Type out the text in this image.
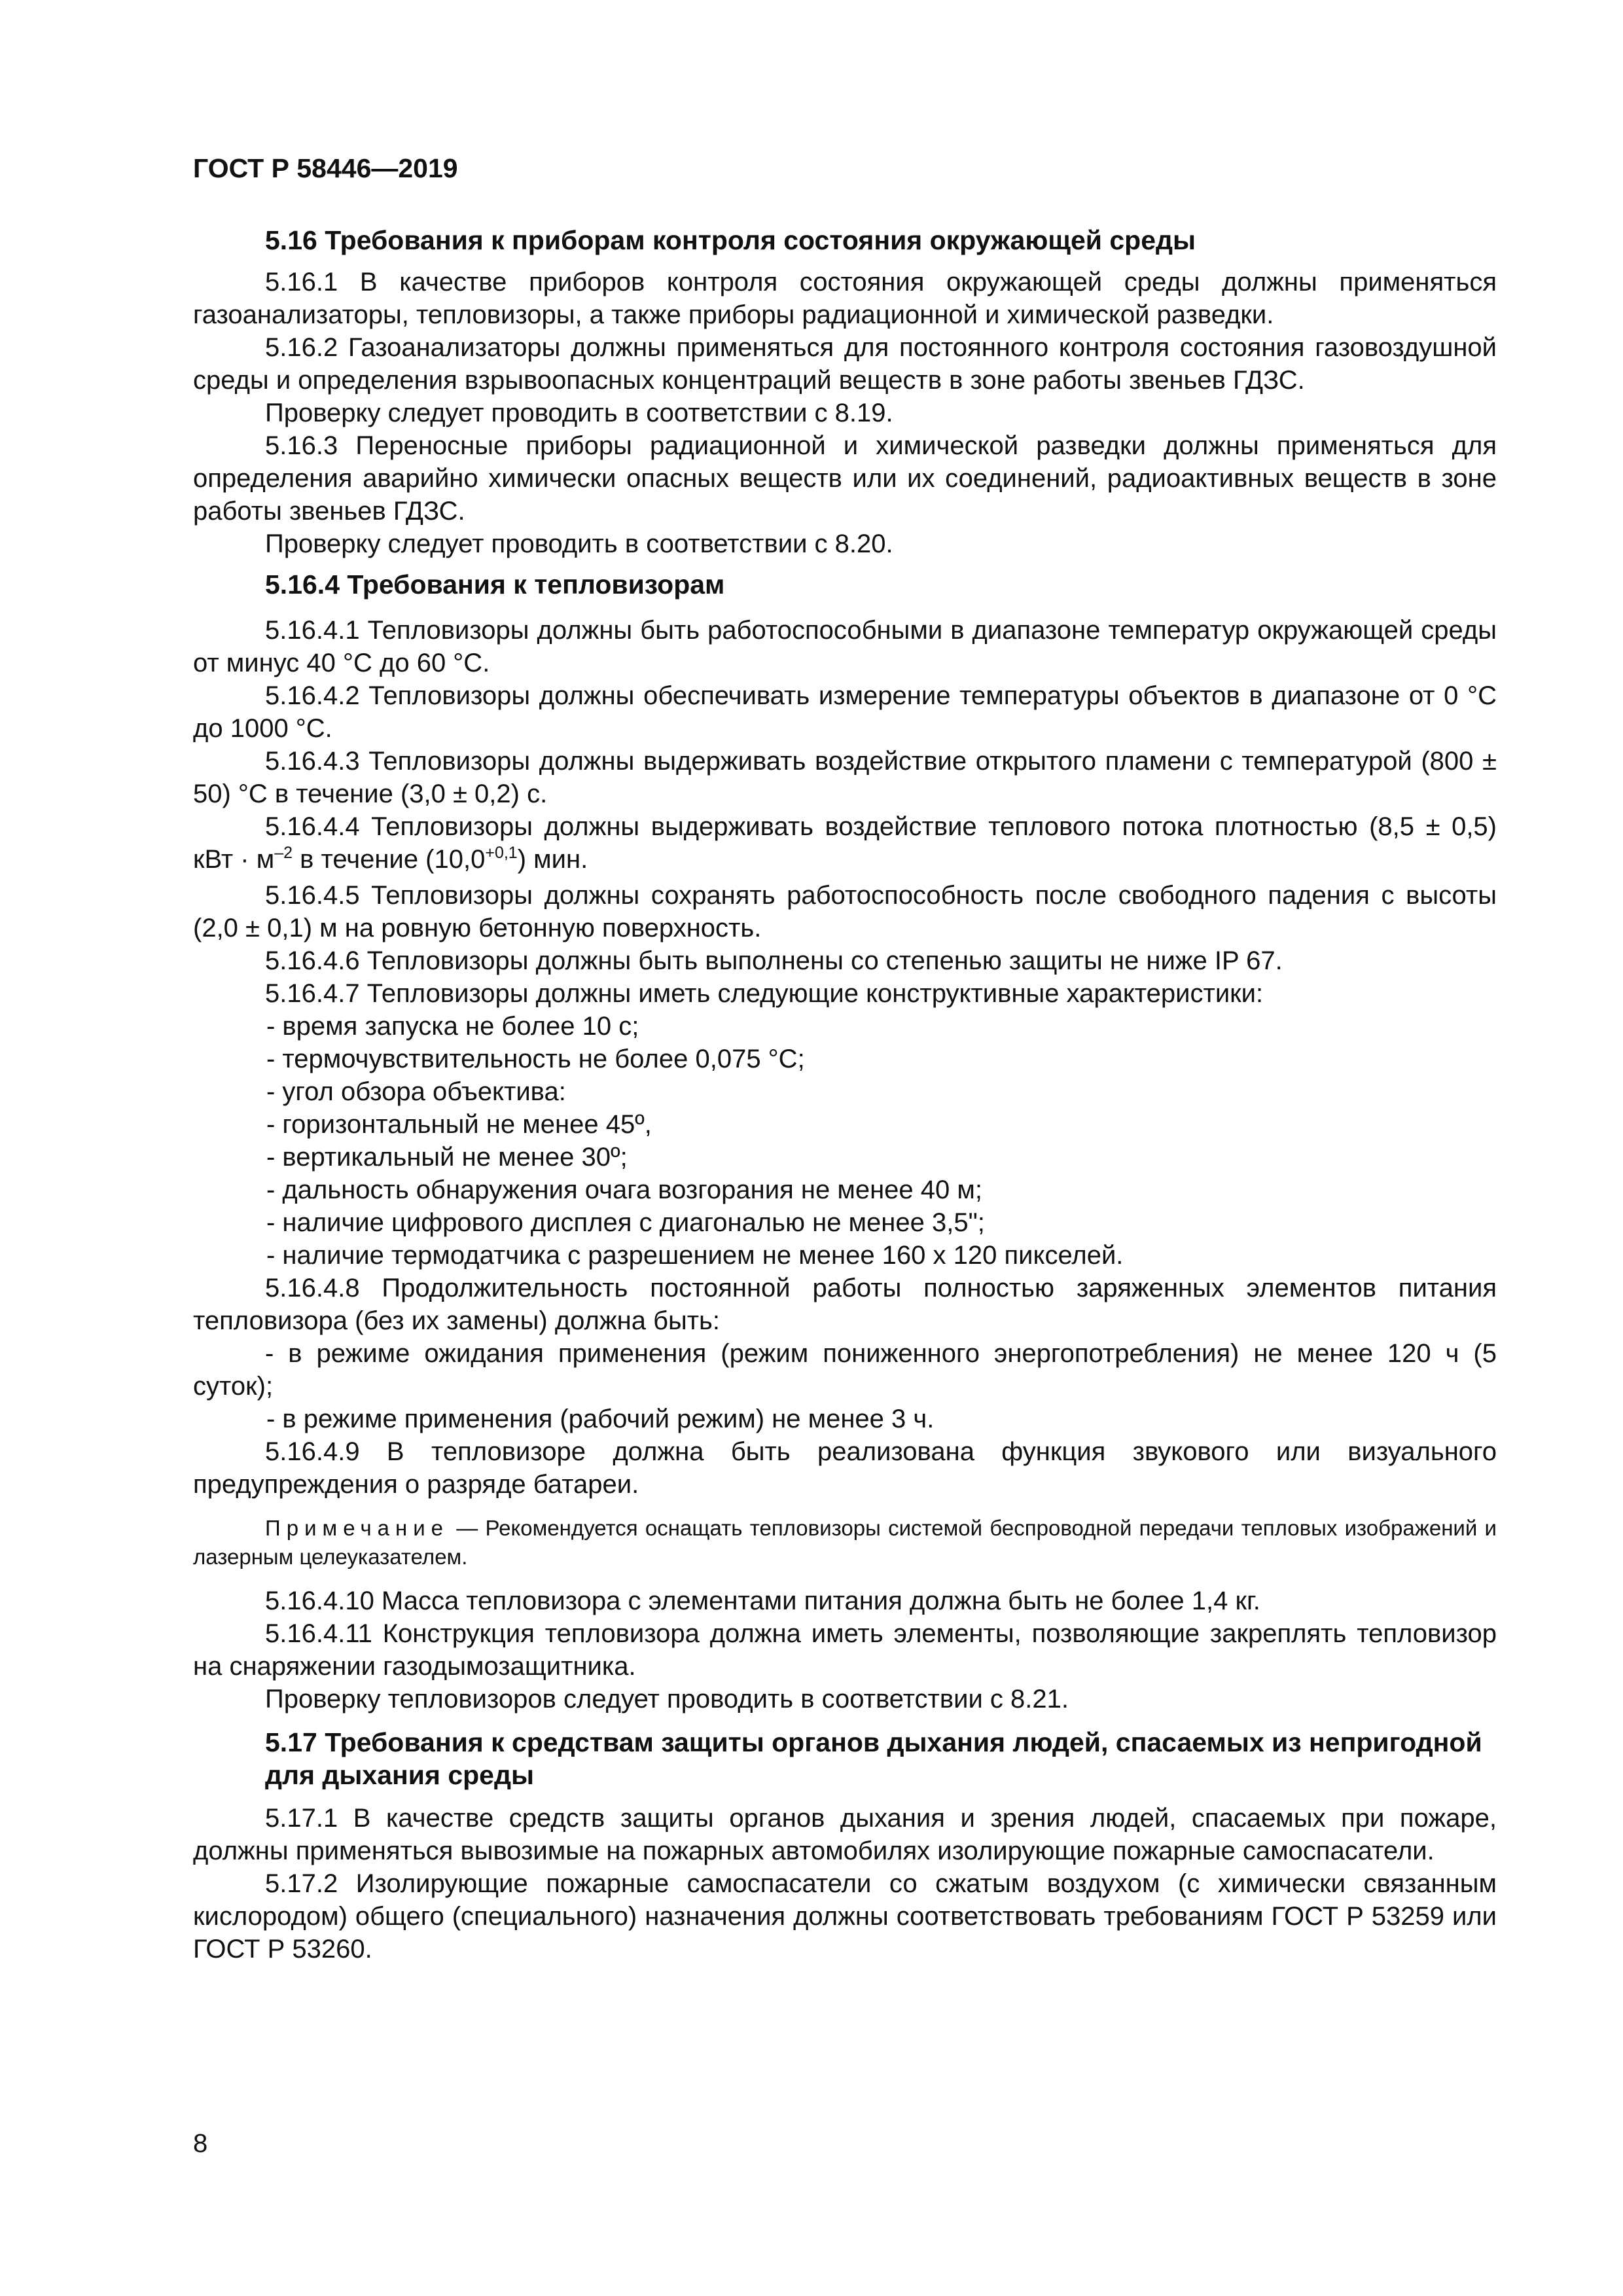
ГОСТ Р 58446—2019
5.16 Требования к приборам контроля состояния окружающей среды
5.16.1 В качестве приборов контроля состояния окружающей среды должны применяться газоанализаторы, тепловизоры, а также приборы радиационной и химической разведки.
5.16.2 Газоанализаторы должны применяться для постоянного контроля состояния газовоздушной среды и определения взрывоопасных концентраций веществ в зоне работы звеньев ГДЗС.
Проверку следует проводить в соответствии с 8.19.
5.16.3 Переносные приборы радиационной и химической разведки должны применяться для определения аварийно химически опасных веществ или их соединений, радиоактивных веществ в зоне работы звеньев ГДЗС.
Проверку следует проводить в соответствии с 8.20.
5.16.4 Требования к тепловизорам
5.16.4.1 Тепловизоры должны быть работоспособными в диапазоне температур окружающей среды от минус 40 °С до 60 °С.
5.16.4.2 Тепловизоры должны обеспечивать измерение температуры объектов в диапазоне от 0 °С до 1000 °С.
5.16.4.3 Тепловизоры должны выдерживать воздействие открытого пламени с температурой (800 ± 50) °С в течение (3,0 ± 0,2) с.
5.16.4.4 Тепловизоры должны выдерживать воздействие теплового потока плотностью (8,5 ± 0,5) кВт · $м^{-2}$ в течение $(10,0^{+0,1})$ мин.
5.16.4.5 Тепловизоры должны сохранять работоспособность после свободного падения с высоты (2,0 ± 0,1) м на ровную бетонную поверхность.
5.16.4.6 Тепловизоры должны быть выполнены со степенью защиты не ниже IP 67.
5.16.4.7 Тепловизоры должны иметь следующие конструктивные характеристики:
- время запуска не более 10 с;
- термочувствительность не более 0,075 °С;
- угол обзора объектива:
- горизонтальный не менее 45º,
- вертикальный не менее 30º;
- дальность обнаружения очага возгорания не менее 40 м;
- наличие цифрового дисплея с диагональю не менее 3,5";
- наличие термодатчика с разрешением не менее 160 х 120 пикселей.
5.16.4.8 Продолжительность постоянной работы полностью заряженных элементов питания тепловизора (без их замены) должна быть:
- в режиме ожидания применения (режим пониженного энергопотребления) не менее 120 ч (5 суток);
- в режиме применения (рабочий режим) не менее 3 ч.
5.16.4.9 В тепловизоре должна быть реализована функция звукового или визуального предупреждения о разряде батареи.
Примечание — Рекомендуется оснащать тепловизоры системой беспроводной передачи тепловых изображений и лазерным целеуказателем.
5.16.4.10 Масса тепловизора с элементами питания должна быть не более 1,4 кг.
5.16.4.11 Конструкция тепловизора должна иметь элементы, позволяющие закреплять тепловизор на снаряжении газодымозащитника.
Проверку тепловизоров следует проводить в соответствии с 8.21.
5.17 Требования к средствам защиты органов дыхания людей, спасаемых из непригодной для дыхания среды
5.17.1 В качестве средств защиты органов дыхания и зрения людей, спасаемых при пожаре, должны применяться вывозимые на пожарных автомобилях изолирующие пожарные самоспасатели.
5.17.2 Изолирующие пожарные самоспасатели со сжатым воздухом (с химически связанным кислородом) общего (специального) назначения должны соответствовать требованиям ГОСТ Р 53259 или ГОСТ Р 53260.
8
